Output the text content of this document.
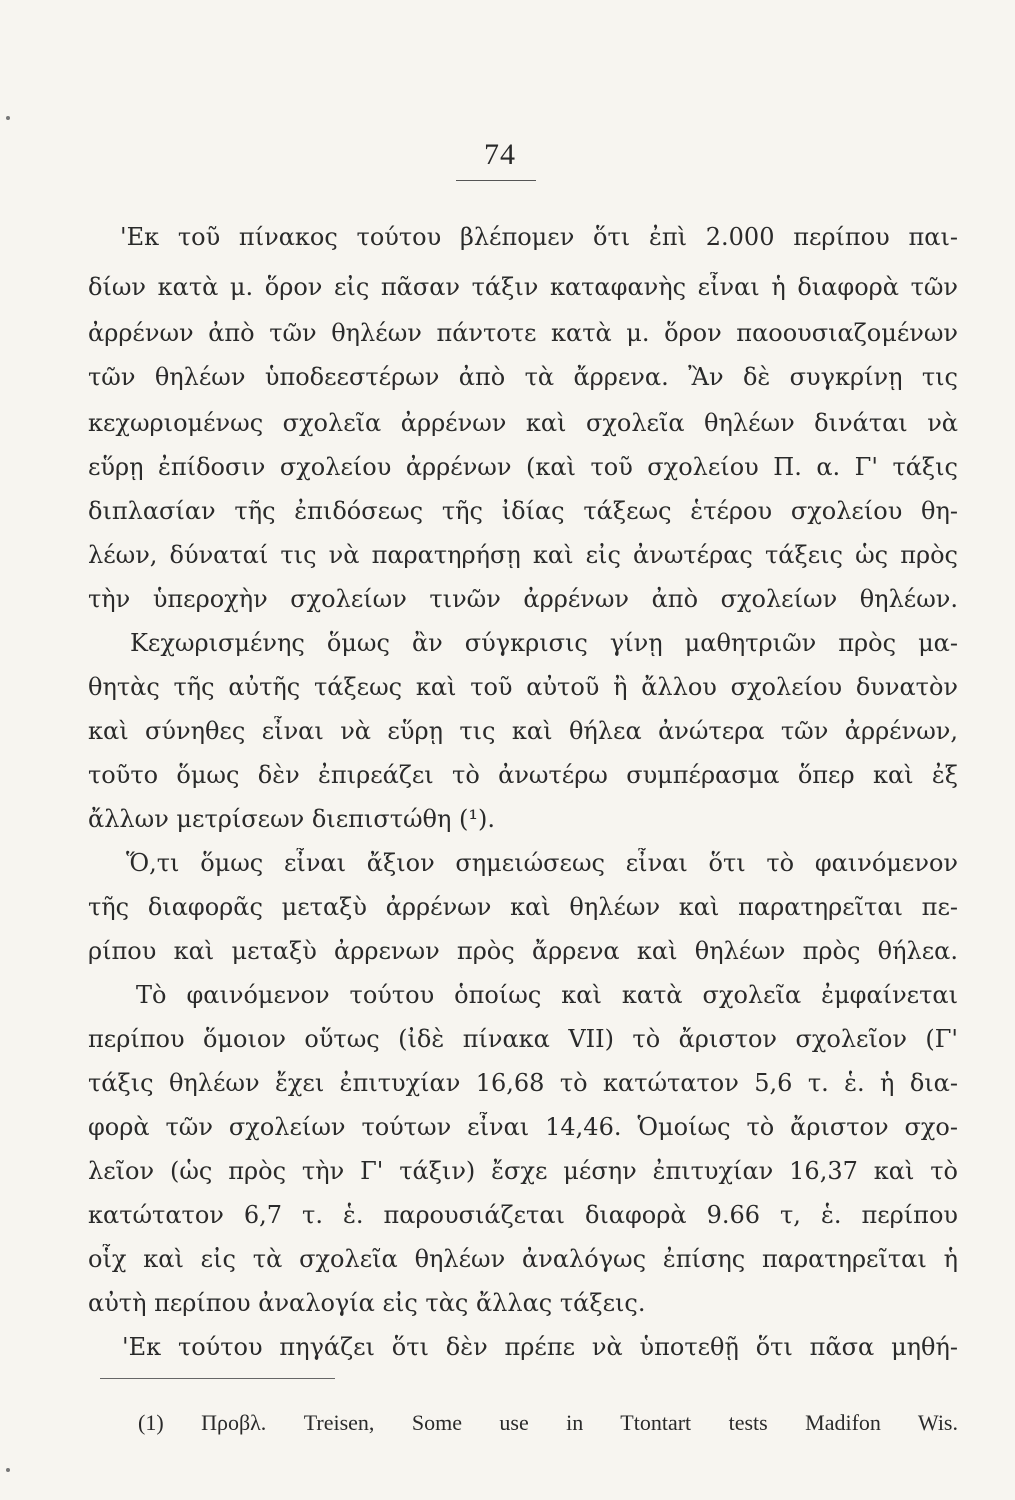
74
'Εκ τοῦ πίνακος τούτου βλέπομεν ὅτι ἐπὶ 2.000 περίπου παι-
δίων κατὰ μ. ὅρον εἰς πᾶσαν τάξιν καταφανὴς εἶναι ἡ διαφορὰ τῶν
ἀρρένων ἀπὸ τῶν θηλέων πάντοτε κατὰ μ. ὅρον παοουσιαζομένων
τῶν θηλέων ὑποδεεστέρων ἀπὸ τὰ ἄρρενα. Ἂν δὲ συγκρίνῃ τις
κεχωριομένως σχολεῖα ἀρρένων καὶ σχολεῖα θηλέων δινάται νὰ
εὕρῃ ἐπίδοσιν σχολείου ἀρρένων (καὶ τοῦ σχολείου Π. α. Γ' τάξις
διπλασίαν τῆς ἐπιδόσεως τῆς ἰδίας τάξεως ἑτέρου σχολείου θη-
λέων, δύναταί τις νὰ παρατηρήσῃ καὶ εἰς ἀνωτέρας τάξεις ὡς πρὸς
τὴν ὑπεροχὴν σχολείων τινῶν ἀρρένων ἀπὸ σχολείων θηλέων.
Κεχωρισμένης ὅμως ἂν σύγκρισις γίνῃ μαθητριῶν πρὸς μα-
θητὰς τῆς αὐτῆς τάξεως καὶ τοῦ αὐτοῦ ἢ ἄλλου σχολείου δυνατὸν
καὶ σύνηθες εἶναι νὰ εὕρῃ τις καὶ θήλεα ἀνώτερα τῶν ἀρρένων,
τοῦτο ὅμως δὲν ἐπιρεάζει τὸ ἀνωτέρω συμπέρασμα ὅπερ καὶ ἐξ
ἄλλων μετρίσεων διεπιστώθη (¹).
Ὅ,τι ὅμως εἶναι ἄξιον σημειώσεως εἶναι ὅτι τὸ φαινόμενον
τῆς διαφορᾶς μεταξὺ ἀρρένων καὶ θηλέων καὶ παρατηρεῖται πε-
ρίπου καὶ μεταξὺ ἀρρενων πρὸς ἄρρενα καὶ θηλέων πρὸς θήλεα.
Τὸ φαινόμενον τούτου ὁποίως καὶ κατὰ σχολεῖα ἐμφαίνεται
περίπου ὅμοιον οὕτως (ἰδὲ πίνακα VII) τὸ ἄριστον σχολεῖον (Γ'
τάξις θηλέων ἔχει ἐπιτυχίαν 16,68 τὸ κατώτατον 5,6 τ. ἑ. ἡ δια-
φορὰ τῶν σχολείων τούτων εἶναι 14,46. Ὁμοίως τὸ ἄριστον σχο-
λεῖον (ὡς πρὸς τὴν Γ' τάξιν) ἔσχε μέσην ἐπιτυχίαν 16,37 καὶ τὸ
κατώτατον 6,7 τ. ἑ. παρουσιάζεται διαφορὰ 9.66 τ, ἑ. περίπου
οἷχ καὶ εἰς τὰ σχολεῖα θηλέων ἀναλόγως ἐπίσης παρατηρεῖται ἡ
αὐτὴ περίπου ἀναλογία εἰς τὰς ἄλλας τάξεις.
'Εκ τούτου πηγάζει ὅτι δὲν πρέπε νὰ ὑποτεθῇ ὅτι πᾶσα μηθή-
(1) Προβλ. Treisen, Some use in Ttontart tests Madifon Wis.
